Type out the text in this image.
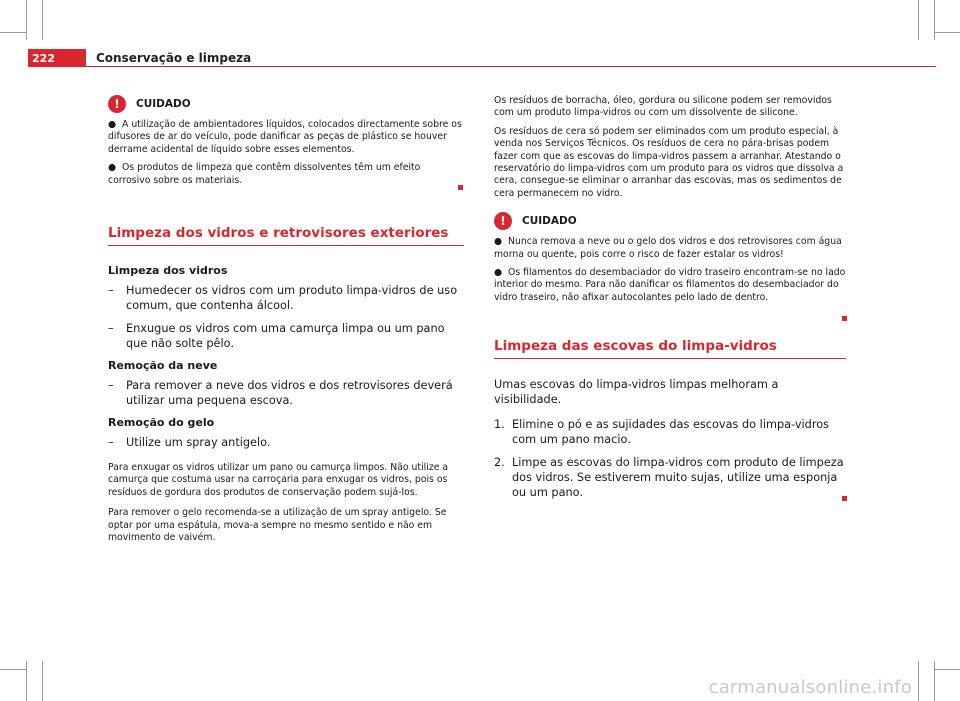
222	Conservação e limpeza
!	CUIDADO

● A utilização de ambientadores líquidos, colocados directamente sobre os difusores de ar do veículo, pode danificar as peças de plástico se houver derrame acidental de líquido sobre esses elementos.

● Os produtos de limpeza que contêm dissolventes têm um efeito corrosivo sobre os materiais.

Limpeza dos vidros e retrovisores exteriores

Limpeza dos vidros

–	Humedecer os vidros com um produto limpa-vidros de uso comum, que contenha álcool.
–	Enxugue os vidros com uma camurça limpa ou um pano que não solte pêlo.

Remoção da neve

–	Para remover a neve dos vidros e dos retrovisores deverá utilizar uma pequena escova.

Remoção do gelo

–	Utilize um spray antigelo.

Para enxugar os vidros utilizar um pano ou camurça limpos. Não utilize a camurça que costuma usar na carroçaria para enxugar os vidros, pois os resíduos de gordura dos produtos de conservação podem sujá-los.

Para remover o gelo recomenda-se a utilização de um spray antigelo. Se optar por uma espátula, mova-a sempre no mesmo sentido e não em movimento de vaivém.

Os resíduos de borracha, óleo, gordura ou silicone podem ser removidos com um produto limpa-vidros ou com um dissolvente de silicone.

Os resíduos de cera só podem ser eliminados com um produto especial, à venda nos Serviços Técnicos. Os resíduos de cera no pára-brisas podem fazer com que as escovas do limpa-vidros passem a arranhar. Atestando o reservatório do limpa-vidros com um produto para os vidros que dissolva a cera, consegue-se eliminar o arranhar das escovas, mas os sedimentos de cera permanecem no vidro.

!	CUIDADO

● Nunca remova a neve ou o gelo dos vidros e dos retrovisores com água morna ou quente, pois corre o risco de fazer estalar os vidros!

● Os filamentos do desembaciador do vidro traseiro encontram-se no lado interior do mesmo. Para não danificar os filamentos do desembaciador do vidro traseiro, não afixar autocolantes pelo lado de dentro.

Limpeza das escovas do limpa-vidros

Umas escovas do limpa-vidros limpas melhoram a visibilidade.

1. Elimine o pó e as sujidades das escovas do limpa-vidros com um pano macio.
2. Limpe as escovas do limpa-vidros com produto de limpeza dos vidros. Se estiverem muito sujas, utilize uma esponja ou um pano.
carmanualsonline.info
